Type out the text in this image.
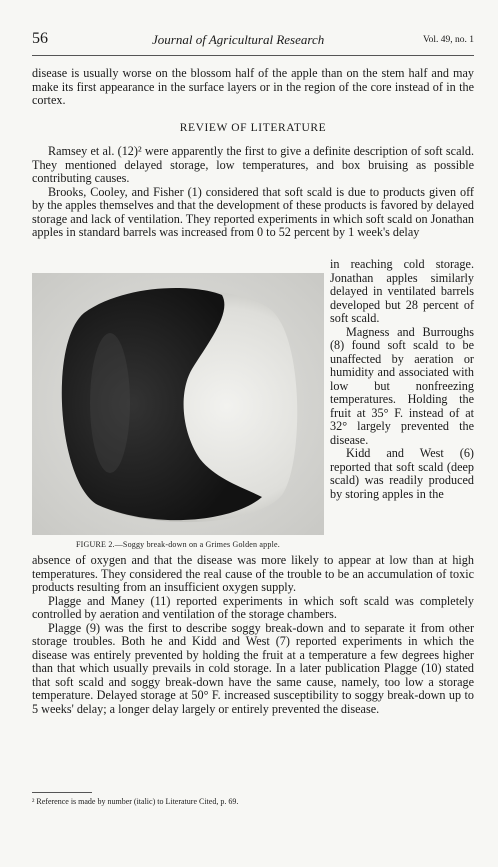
56	Journal of Agricultural Research	Vol. 49, no. 1

disease is usually worse on the blossom half of the apple than on the stem half and may make its first appearance in the surface layers or in the region of the core instead of in the cortex.

REVIEW OF LITERATURE

Ramsey et al. (12)² were apparently the first to give a definite description of soft scald. They mentioned delayed storage, low temperatures, and box bruising as possible contributing causes.

Brooks, Cooley, and Fisher (1) considered that soft scald is due to products given off by the apples themselves and that the development of these products is favored by delayed storage and lack of ventilation. They reported experiments in which soft scald on Jonathan apples in standard barrels was increased from 0 to 52 percent by 1 week's delay

FIGURE 2.—Soggy break-down on a Grimes Golden apple.

in reaching cold storage. Jonathan apples similarly delayed in ventilated barrels developed but 28 percent of soft scald.

Magness and Burroughs (8) found soft scald to be unaffected by aeration or humidity and associated with low but nonfreezing temperatures. Holding the fruit at 35° F. instead of at 32° largely prevented the disease.

Kidd and West (6) reported that soft scald (deep scald) was readily produced by storing apples in the

absence of oxygen and that the disease was more likely to appear at low than at high temperatures. They considered the real cause of the trouble to be an accumulation of toxic products resulting from an insufficient oxygen supply.

Plagge and Maney (11) reported experiments in which soft scald was completely controlled by aeration and ventilation of the storage chambers.

Plagge (9) was the first to describe soggy break-down and to separate it from other storage troubles. Both he and Kidd and West (7) reported experiments in which the disease was entirely prevented by holding the fruit at a temperature a few degrees higher than that which usually prevails in cold storage. In a later publication Plagge (10) stated that soft scald and soggy break-down have the same cause, namely, too low a storage temperature. Delayed storage at 50° F. increased susceptibility to soggy break-down up to 5 weeks' delay; a longer delay largely or entirely prevented the disease.

² Reference is made by number (italic) to Literature Cited, p. 69.
